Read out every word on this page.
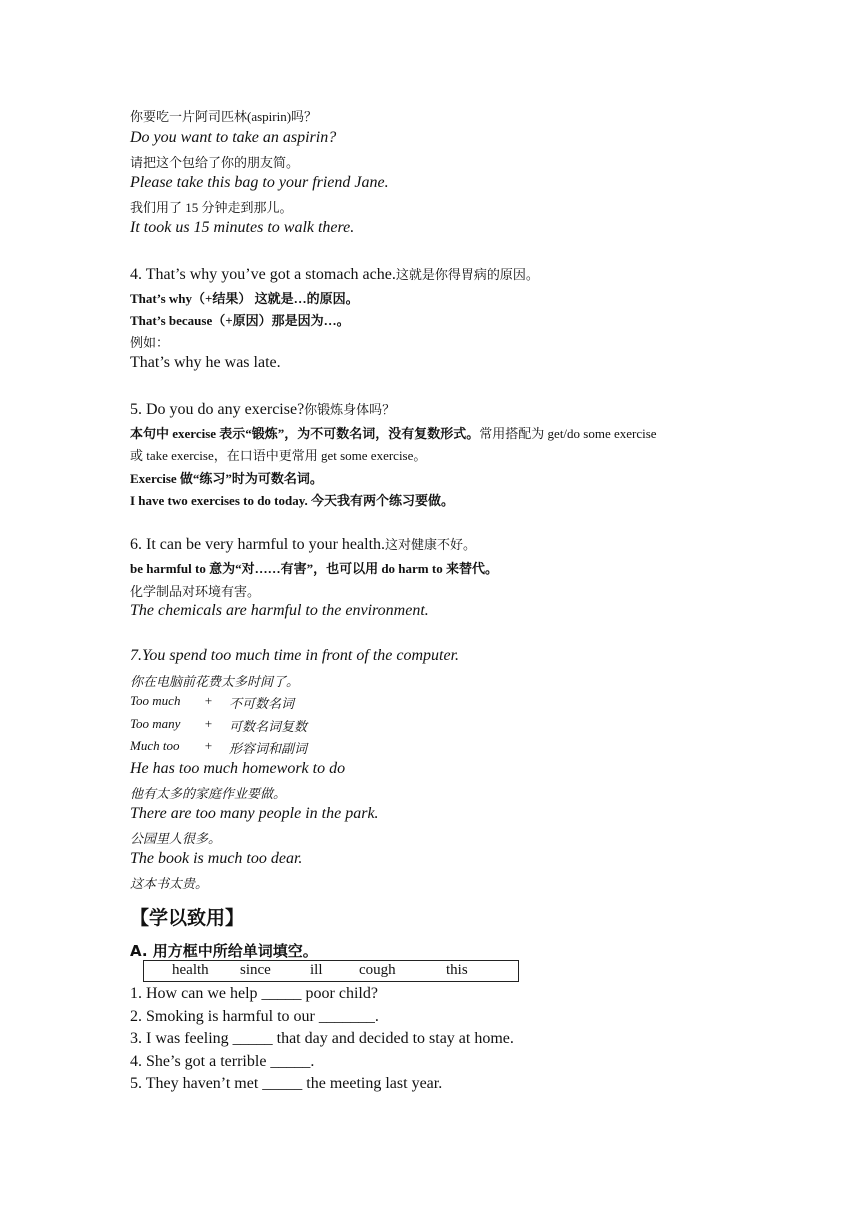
你要吃一片阿司匹林(aspirin)吗？
Do you want to take an aspirin?
请把这个包给了你的朋友简。
Please take this bag to your friend Jane.
我们用了 15 分钟走到那儿。
It took us 15 minutes to walk there.
4. That’s why you’ve got a stomach ache.这就是你得胃病的原因。
That’s why（+结果） 这就是…的原因。
That’s because（+原因）那是因为…。
例如：
That’s why he was late.
5. Do you do any exercise?你锻炼身体吗？
本句中 exercise 表示“锻炼”，为不可数名词，没有复数形式。常用搭配为 get/do some exercise
或 take exercise，在口语中更常用 get some exercise。
Exercise 做“练习”时为可数名词。
I have two exercises to do today. 今天我有两个练习要做。
6. It can be very harmful to your health.这对健康不好。
be harmful to 意为“对……有害”，也可以用 do harm to 来替代。
化学制品对环境有害。
The chemicals are harmful to the environment.
7.You spend too much time in front of the computer.
你在电脑前花费太多时间了。
Too much + 不可数名词
Too many + 可数名词复数
Much too + 形容词和副词
He has too much homework to do
他有太多的家庭作业要做。
There are too many people in the park.
公园里人很多。
The book is much too dear.
这本书太贵。
【学以致用】
A. 用方框中所给单词填空。
health since	ill cough	this
1. How can we help _____ poor child?
2. Smoking is harmful to our _______.
3. I was feeling _____ that day and decided to stay at home.
4. She’s got a terrible _____.
5. They haven’t met _____ the meeting last year.
